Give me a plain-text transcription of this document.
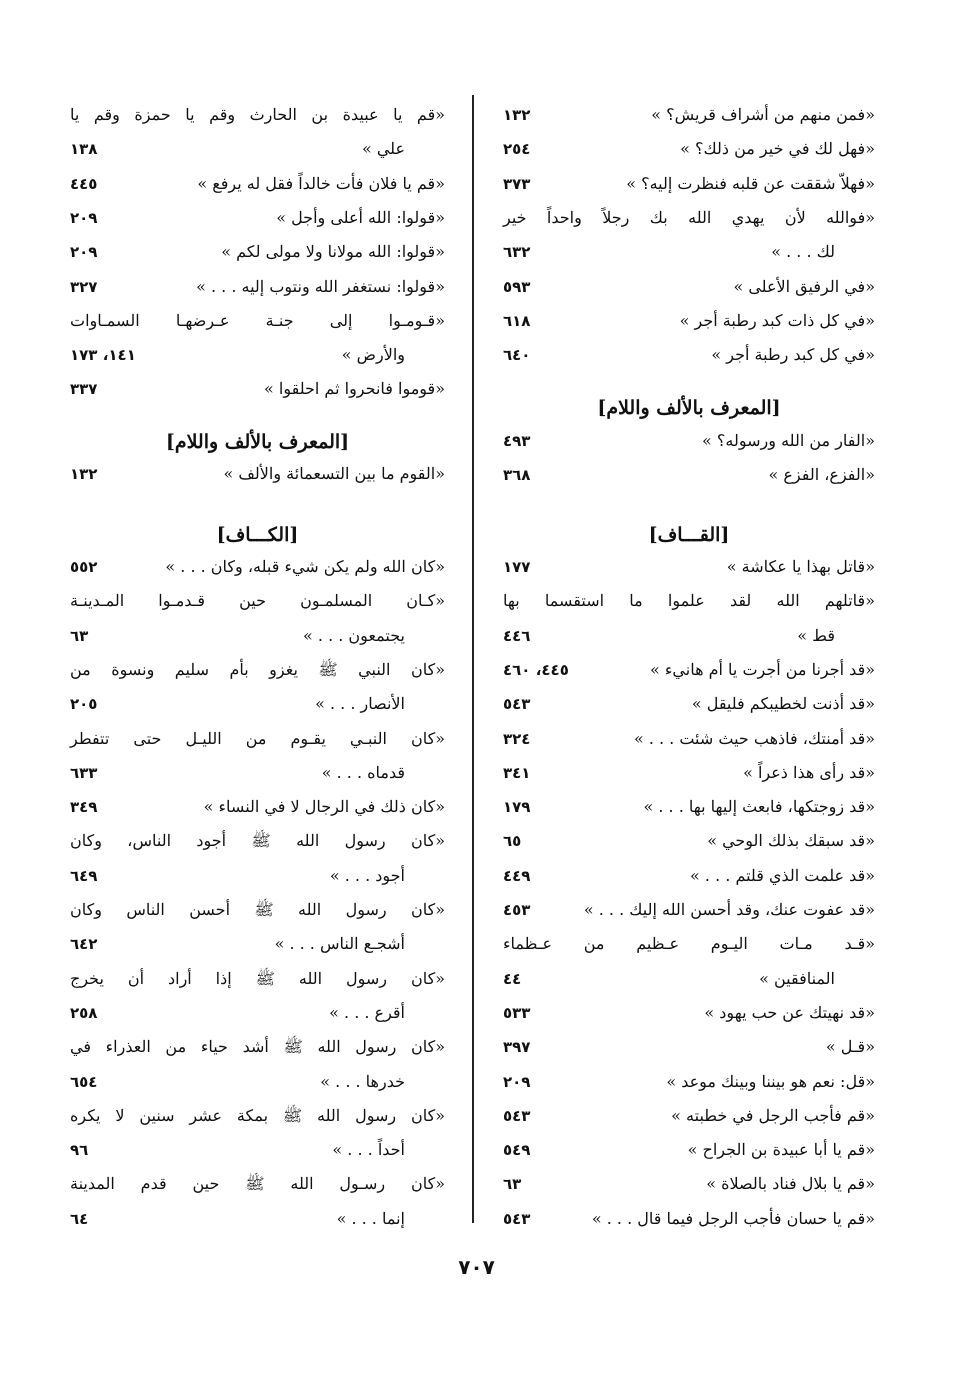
«فمن منهم من أشراف قريش؟ »
١٣٢
«فهل لك في خير من ذلك؟ »
٢٥٤
«فهلاّ شققت عن قلبه فنظرت إليه؟ »
٣٧٣
«فوالله لأن يهدي الله بك رجلاً واحداً خير
لك . . . »
٦٣٢
«في الرفيق الأعلى »
٥٩٣
«في كل ذات كبد رطبة أجر »
٦١٨
«في كل كبد رطبة أجر »
٦٤٠
[المعرف بالألف واللام]
«الفار من الله ورسوله؟ »
٤٩٣
«الفزع، الفزع »
٣٦٨
[القـــاف]
«قاتل بهذا يا عكاشة »
١٧٧
«قاتلهم الله لقد علموا ما استقسما بها
قط »
٤٤٦
«قد أجرنا من أجرت يا أم هانيء »
٤٤٥، ٤٦٠
«قد أذنت لخطيبكم فليقل »
٥٤٣
«قد أمنتك، فاذهب حيث شئت . . . »
٣٢٤
«قد رأى هذا ذعراً »
٣٤١
«قد زوجتكها، فابعث إليها بها . . . »
١٧٩
«قد سبقك بذلك الوحي »
٦٥
«قد علمت الذي قلتم . . . »
٤٤٩
«قد عفوت عنك، وقد أحسن الله إليك . . . »
٤٥٣
«قـد مـات اليـوم عـظيم من عـظماء
المنافقين »
٤٤
«قد نهيتك عن حب يهود »
٥٣٣
«قـل »
٣٩٧
«قل: نعم هو بيننا وبينك موعد »
٢٠٩
«قم فأجب الرجل في خطبته »
٥٤٣
«قم يا أبا عبيدة بن الجراح »
٥٤٩
«قم يا بلال فناد بالصلاة »
٦٣
«قم يا حسان فأجب الرجل فيما قال . . . »
٥٤٣
«قم يا عبيدة بن الحارث وقم يا حمزة وقم يا
علي »
١٣٨
«قم يا فلان فأت خالداً فقل له يرفع »
٤٤٥
«قولوا: الله أعلى وأجل »
٢٠٩
«قولوا: الله مولانا ولا مولى لكم »
٢٠٩
«قولوا: نستغفر الله ونتوب إليه . . . »
٣٢٧
«قـومـوا إلى جنـة عـرضهـا السمـاوات
والأرض »
١٤١، ١٧٣
«قوموا فانحروا ثم احلقوا »
٣٣٧
[المعرف بالألف واللام]
«القوم ما بين التسعمائة والألف »
١٣٢
[الكـــاف]
«كان الله ولم يكن شيء قبله، وكان . . . »
٥٥٢
«كـان المسلمـون حين قـدمـوا المـدينـة
يجتمعون . . . »
٦٣
«كان النبي ﷺ يغزو بأم سليم ونسوة من
الأنصار . . . »
٢٠٥
«كان النبـي يقـوم من الليـل حتى تتفطر
قدماه . . . »
٦٣٣
«كان ذلك في الرجال لا في النساء »
٣٤٩
«كان رسول الله ﷺ أجود الناس، وكان
أجود . . . »
٦٤٩
«كان رسول الله ﷺ أحسن الناس وكان
أشجـع الناس . . . »
٦٤٢
«كان رسول الله ﷺ إذا أراد أن يخرج
أقرع . . . »
٢٥٨
«كان رسول الله ﷺ أشد حياء من العذراء في
خدرها . . . »
٦٥٤
«كان رسول الله ﷺ بمكة عشر سنين لا يكره
أحداً . . . »
٩٦
«كان رسـول الله ﷺ حين قدم المدينة
إنما . . . »
٦٤
٧٠٧
